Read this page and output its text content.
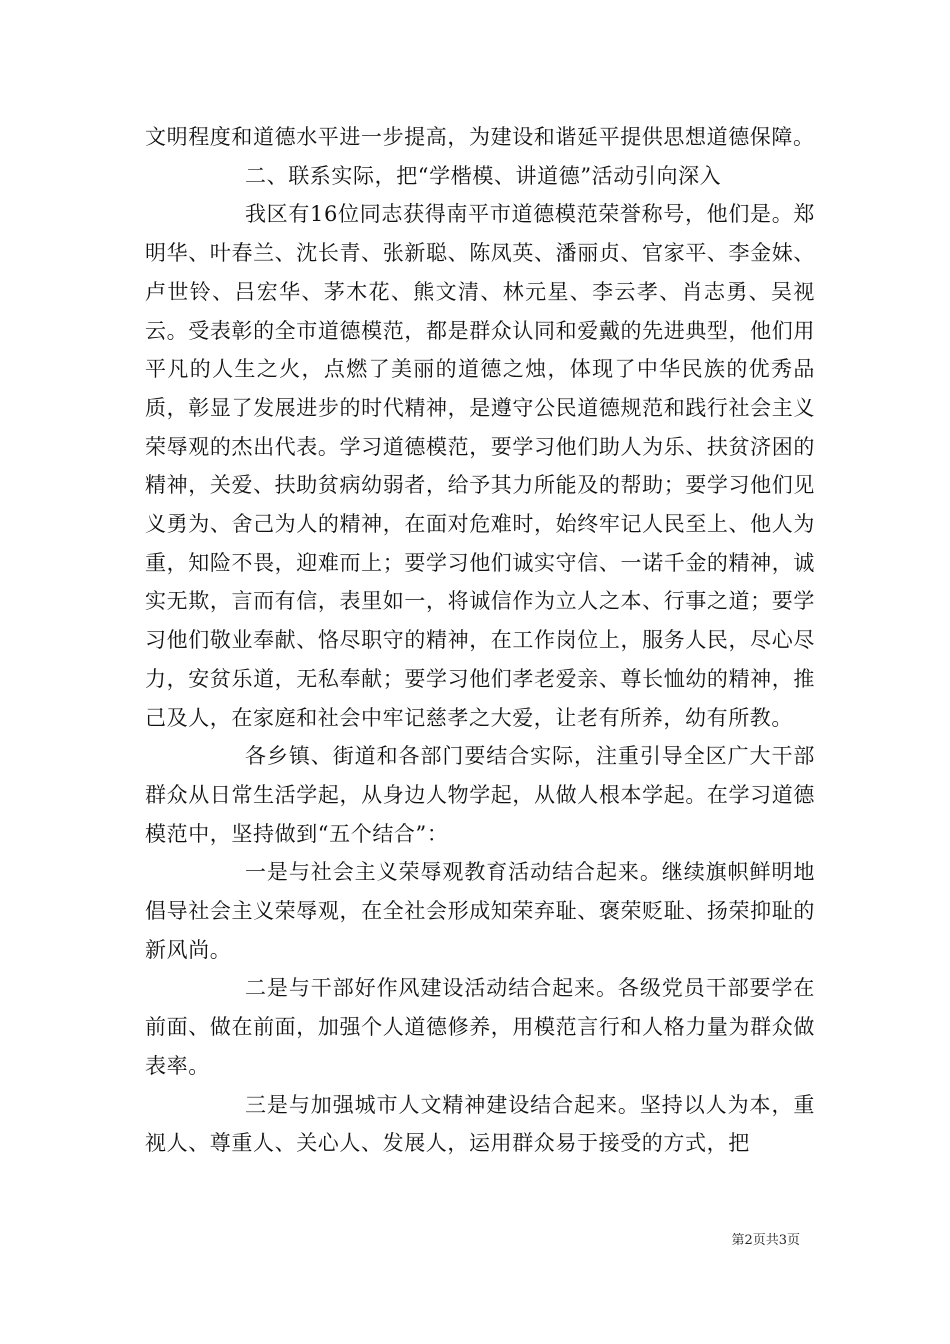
文明程度和道德水平进一步提高，为建设和谐延平提供思想道德保障。

二、联系实际，把“学楷模、讲道德”活动引向深入

我区有16位同志获得南平市道德模范荣誉称号，他们是。郑明华、叶春兰、沈长青、张新聪、陈凤英、潘丽贞、官家平、李金妹、卢世铃、吕宏华、茅木花、熊文清、林元星、李云孝、肖志勇、吴视云。受表彰的全市道德模范，都是群众认同和爱戴的先进典型，他们用平凡的人生之火，点燃了美丽的道德之烛，体现了中华民族的优秀品质，彰显了发展进步的时代精神，是遵守公民道德规范和践行社会主义荣辱观的杰出代表。学习道德模范，要学习他们助人为乐、扶贫济困的精神，关爱、扶助贫病幼弱者，给予其力所能及的帮助；要学习他们见义勇为、舍己为人的精神，在面对危难时，始终牢记人民至上、他人为重，知险不畏，迎难而上；要学习他们诚实守信、一诺千金的精神，诚实无欺，言而有信，表里如一，将诚信作为立人之本、行事之道；要学习他们敬业奉献、恪尽职守的精神，在工作岗位上，服务人民，尽心尽力，安贫乐道，无私奉献；要学习他们孝老爱亲、尊长恤幼的精神，推己及人，在家庭和社会中牢记慈孝之大爱，让老有所养，幼有所教。

各乡镇、街道和各部门要结合实际，注重引导全区广大干部群众从日常生活学起，从身边人物学起，从做人根本学起。在学习道德模范中，坚持做到“五个结合”：

一是与社会主义荣辱观教育活动结合起来。继续旗帜鲜明地倡导社会主义荣辱观，在全社会形成知荣弃耻、褒荣贬耻、扬荣抑耻的新风尚。

二是与干部好作风建设活动结合起来。各级党员干部要学在前面、做在前面，加强个人道德修养，用模范言行和人格力量为群众做表率。

三是与加强城市人文精神建设结合起来。坚持以人为本，重视人、尊重人、关心人、发展人，运用群众易于接受的方式，把

第2页共3页
